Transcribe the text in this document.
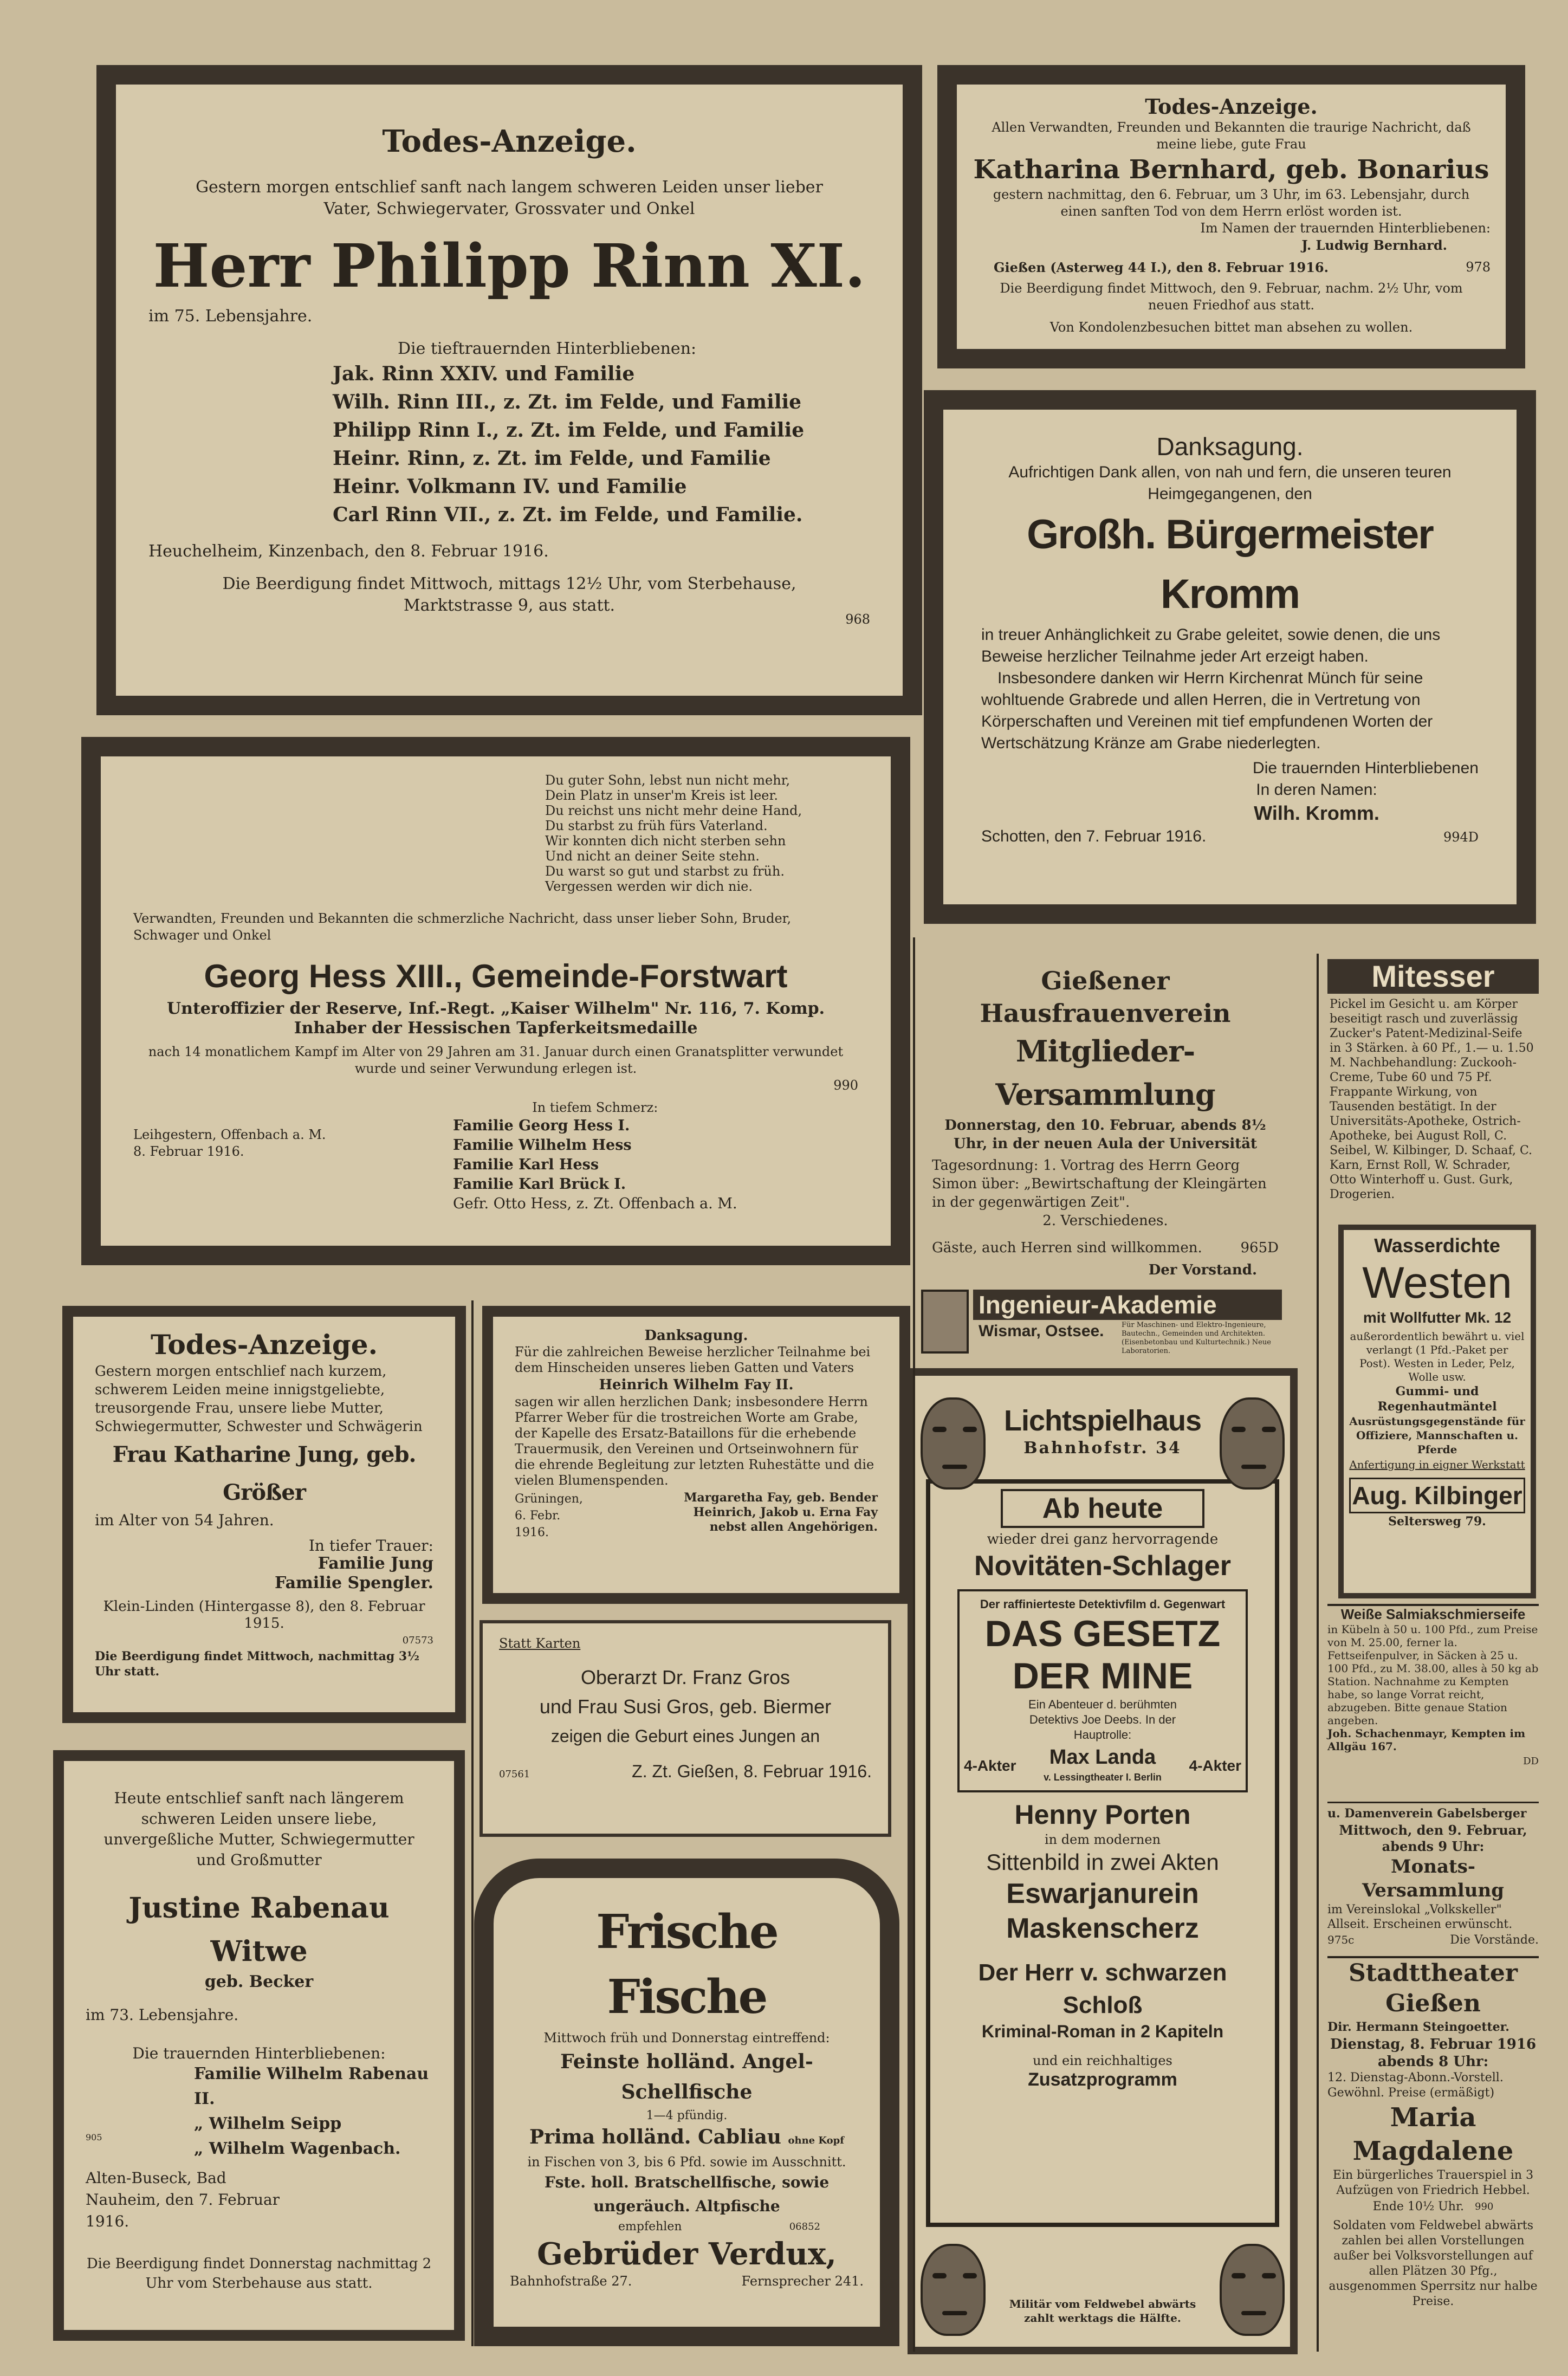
Todes-Anzeige.

Gestern morgen entschlief sanft nach langem schweren Leiden unser lieber Vater, Schwiegervater, Grossvater und Onkel

Herr Philipp Rinn XI.

im 75. Lebensjahre.

Die tieftrauernden Hinterbliebenen:

Jak. Rinn XXIV. und Familie

Wilh. Rinn III., z. Zt. im Felde, und Familie

Philipp Rinn I., z. Zt. im Felde, und Familie

Heinr. Rinn, z. Zt. im Felde, und Familie

Heinr. Volkmann IV. und Familie

Carl Rinn VII., z. Zt. im Felde, und Familie.

Heuchelheim, Kinzenbach, den 8. Februar 1916.

Die Beerdigung findet Mittwoch, mittags 12½ Uhr, vom Sterbehause, Marktstrasse 9, aus statt.

968

Todes-Anzeige.

Allen Verwandten, Freunden und Bekannten die traurige Nachricht, daß meine liebe, gute Frau

Katharina Bernhard, geb. Bonarius

gestern nachmittag, den 6. Februar, um 3 Uhr, im 63. Lebensjahr, durch einen sanften Tod von dem Herrn erlöst worden ist.

Im Namen der trauernden Hinterbliebenen:

J. Ludwig Bernhard.

Gießen (Asterweg 44 I.), den 8. Februar 1916.	978

Die Beerdigung findet Mittwoch, den 9. Februar, nachm. 2½ Uhr, vom neuen Friedhof aus statt.

Von Kondolenzbesuchen bittet man absehen zu wollen.

Danksagung.

Aufrichtigen Dank allen, von nah und fern, die unseren teuren Heimgegangenen, den

Großh. Bürgermeister Kromm

in treuer Anhänglichkeit zu Grabe geleitet, sowie denen, die uns Beweise herzlicher Teilnahme jeder Art erzeigt haben.

Insbesondere danken wir Herrn Kirchenrat Münch für seine wohltuende Grabrede und allen Herren, die in Vertretung von Körperschaften und Vereinen mit tief empfundenen Worten der Wertschätzung Kränze am Grabe niederlegten.

Die trauernden Hinterbliebenen

In deren Namen:

Wilh. Kromm.

Schotten, den 7. Februar 1916.	994D

Du guter Sohn, lebst nun nicht mehr,

Dein Platz in unser'm Kreis ist leer.

Du reichst uns nicht mehr deine Hand,

Du starbst zu früh fürs Vaterland.

Wir konnten dich nicht sterben sehn

Und nicht an deiner Seite stehn.

Du warst so gut und starbst zu früh.

Vergessen werden wir dich nie.

Verwandten, Freunden und Bekannten die schmerzliche Nachricht, dass unser lieber Sohn, Bruder, Schwager und Onkel

Georg Hess XIII., Gemeinde-Forstwart

Unteroffizier der Reserve, Inf.-Regt. „Kaiser Wilhelm" Nr. 116, 7. Komp.

Inhaber der Hessischen Tapferkeitsmedaille

nach 14 monatlichem Kampf im Alter von 29 Jahren am 31. Januar durch einen Granatsplitter verwundet wurde und seiner Verwundung erlegen ist.

990

Leihgestern, Offenbach a. M. 8. Februar 1916.

In tiefem Schmerz:

Familie Georg Hess I.

Familie Wilhelm Hess

Familie Karl Hess

Familie Karl Brück I.

Gefr. Otto Hess, z. Zt. Offenbach a. M.

Gießener Hausfrauenverein

Mitglieder-Versammlung

Donnerstag, den 10. Februar, abends 8½ Uhr, in der neuen Aula der Universität

Tagesordnung: 1. Vortrag des Herrn Georg Simon über: „Bewirtschaftung der Kleingärten in der gegenwärtigen Zeit".

2. Verschiedenes.

Gäste, auch Herren sind willkommen.	965D

Der Vorstand.

Mitesser

Pickel im Gesicht u. am Körper beseitigt rasch und zuverlässig Zucker's Patent-Medizinal-Seife in 3 Stärken. à 60 Pf., 1.— u. 1.50 M. Nachbehandlung: Zuckooh-Creme, Tube 60 und 75 Pf. Frappante Wirkung, von Tausenden bestätigt. In der Universitäts-Apotheke, Ostrich-Apotheke, bei August Roll, C. Seibel, W. Kilbinger, D. Schaaf, C. Karn, Ernst Roll, W. Schrader, Otto Winterhoff u. Gust. Gurk, Drogerien.

Todes-Anzeige.

Gestern morgen entschlief nach kurzem, schwerem Leiden meine innigstgeliebte, treusorgende Frau, unsere liebe Mutter, Schwiegermutter, Schwester und Schwägerin

Frau Katharine Jung, geb. Größer

im Alter von 54 Jahren.

In tiefer Trauer:

Familie Jung

Familie Spengler.

Klein-Linden (Hintergasse 8), den 8. Februar 1915.

07573

Die Beerdigung findet Mittwoch, nachmittag 3½ Uhr statt.

Danksagung.

Für die zahlreichen Beweise herzlicher Teilnahme bei dem Hinscheiden unseres lieben Gatten und Vaters

Heinrich Wilhelm Fay II.

sagen wir allen herzlichen Dank; insbesondere Herrn Pfarrer Weber für die trostreichen Worte am Grabe, der Kapelle des Ersatz-Bataillons für die erhebende Trauermusik, den Vereinen und Ortseinwohnern für die ehrende Begleitung zur letzten Ruhestätte und die vielen Blumenspenden.

Grüningen, 6. Febr. 1916.

Margaretha Fay, geb. Bender

Heinrich, Jakob u. Erna Fay

nebst allen Angehörigen.

Statt Karten

Oberarzt Dr. Franz Gros

und Frau Susi Gros, geb. Biermer

zeigen die Geburt eines Jungen an

07561	Z. Zt. Gießen, 8. Februar 1916.

Heute entschlief sanft nach längerem schweren Leiden unsere liebe, unvergeßliche Mutter, Schwiegermutter und Großmutter

Justine Rabenau Witwe

geb. Becker

im 73. Lebensjahre.

Die trauernden Hinterbliebenen:

Familie Wilhelm Rabenau II.

„ Wilhelm Seipp

„ Wilhelm Wagenbach.

905

Alten-Buseck, Bad Nauheim, den 7. Februar 1916.

Die Beerdigung findet Donnerstag nachmittag 2 Uhr vom Sterbehause aus statt.

Frische Fische

Mittwoch früh und Donnerstag eintreffend:

Feinste holländ. Angel-Schellfische

1—4 pfündig.

Prima holländ. Cabliau ohne Kopf

in Fischen von 3, bis 6 Pfd. sowie im Ausschnitt.

Fste. holl. Bratschellfische, sowie ungeräuch. Altpfische

empfehlen	06852

Gebrüder Verdux,

Bahnhofstraße 27.	Fernsprecher 241.

Ingenieur-Akademie

Wismar, Ostsee. Für Maschinen- und Elektro-Ingenieure, Bautechn., Gemeinden und Architekten. (Eisenbetonbau und Kulturtechnik.) Neue Laboratorien.

Lichtspielhaus

Bahnhofstr. 34

Ab heute

wieder drei ganz hervorragende

Novitäten-Schlager

Der raffinierteste Detektivfilm d. Gegenwart

DAS GESETZ DER MINE

Ein Abenteuer d. berühmten Detektivs Joe Deebs. In der Hauptrolle:

4-Akter Max Landa

v. Lessingtheater I. Berlin

4-Akter

Henny Porten

in dem modernen

Sittenbild in zwei Akten

Eswarjanurein Maskenscherz

Der Herr v. schwarzen Schloß

Kriminal-Roman in 2 Kapiteln

und ein reichhaltiges

Zusatzprogramm

Militär vom Feldwebel abwärts zahlt werktags die Hälfte.

Wasserdichte

Westen

mit Wollfutter Mk. 12

außerordentlich bewährt u. viel verlangt (1 Pfd.-Paket per Post). Westen in Leder, Pelz, Wolle usw.

Gummi- und Regenhautmäntel

Ausrüstungsgegenstände für Offiziere, Mannschaften u. Pferde

Anfertigung in eigner Werkstatt

Aug. Kilbinger

Seltersweg 79.

Weiße Salmiakschmierseife

in Kübeln à 50 u. 100 Pfd., zum Preise von M. 25.00, ferner la. Fettseifenpulver, in Säcken à 25 u. 100 Pfd., zu M. 38.00, alles à 50 kg ab Station. Nachnahme zu Kempten habe, so lange Vorrat reicht, abzugeben. Bitte genaue Station angeben.

Joh. Schachenmayr, Kempten im Allgäu 167.

DD

u. Damenverein Gabelsberger

Mittwoch, den 9. Februar, abends 9 Uhr:

Monats-Versammlung

im Vereinslokal „Volkskeller" Allseit. Erscheinen erwünscht.

975c	Die Vorstände.

Stadttheater Gießen

Dir. Hermann Steingoetter.

Dienstag, 8. Februar 1916 abends 8 Uhr:

12. Dienstag-Abonn.-Vorstell. Gewöhnl. Preise (ermäßigt)

Maria Magdalene

Ein bürgerliches Trauerspiel in 3 Aufzügen von Friedrich Hebbel.

Ende 10½ Uhr. 990

Soldaten vom Feldwebel abwärts zahlen bei allen Vorstellungen außer bei Volksvorstellungen auf allen Plätzen 30 Pfg., ausgenommen Sperrsitz nur halbe Preise.
